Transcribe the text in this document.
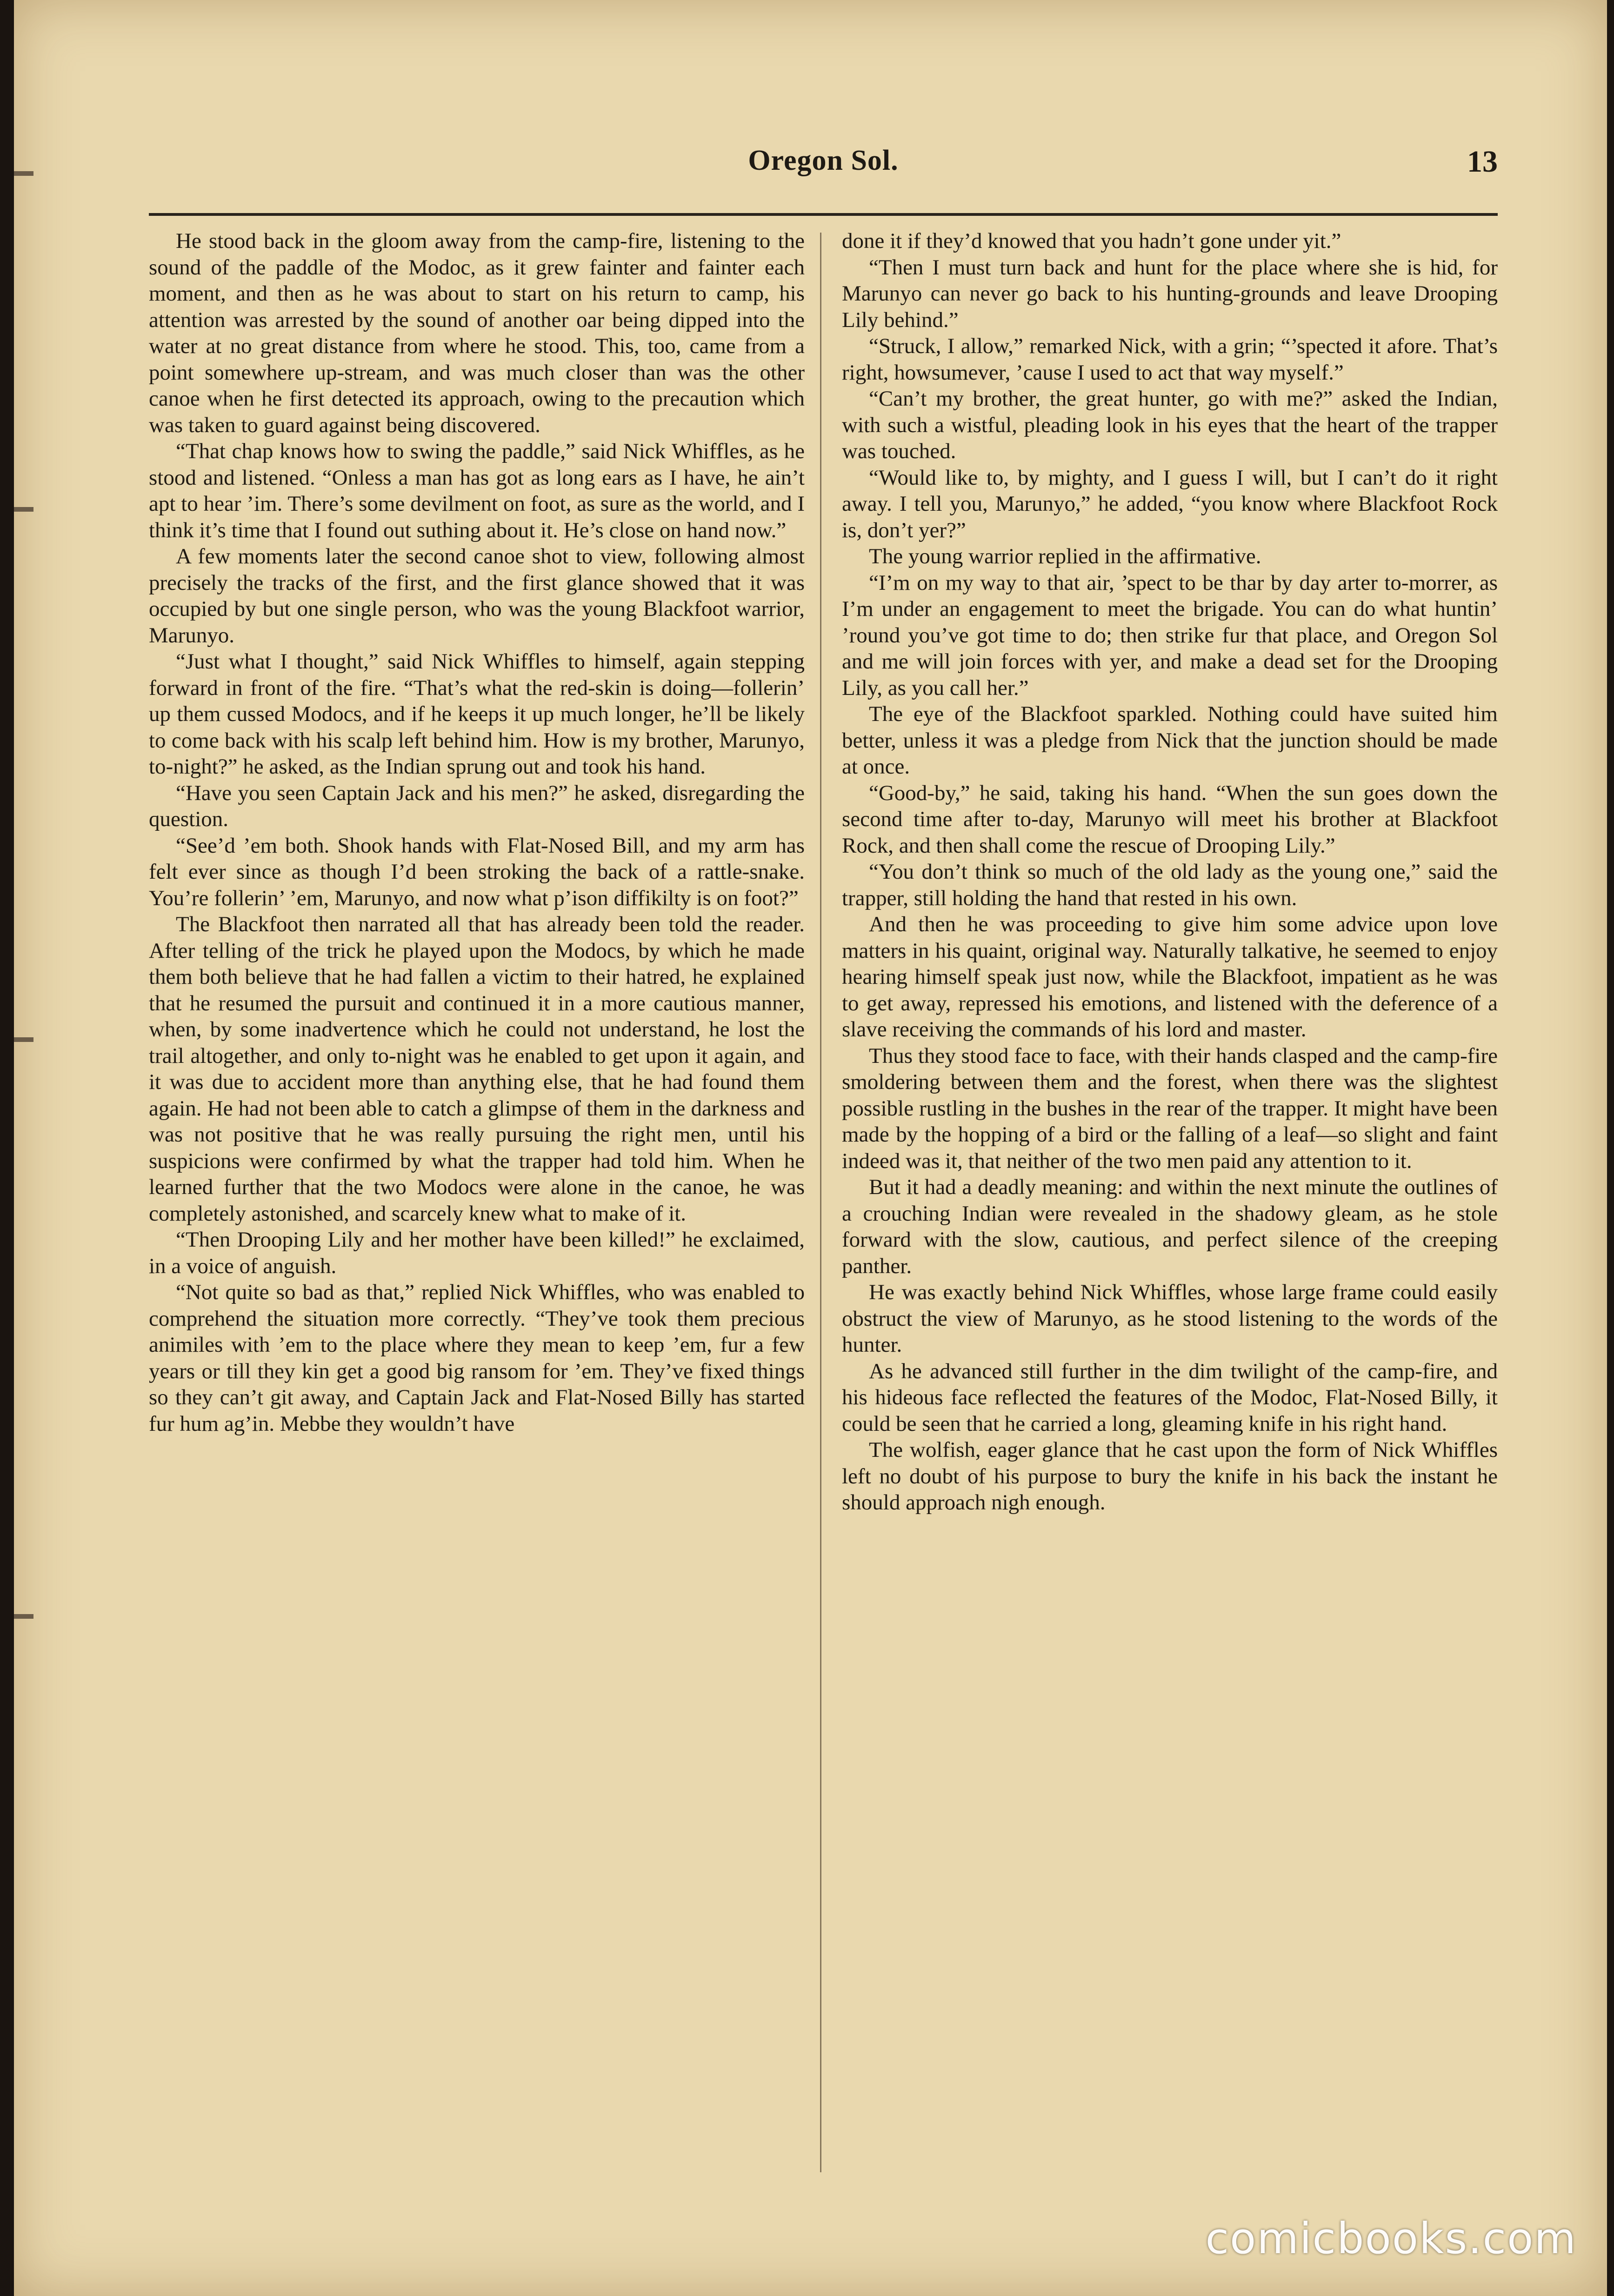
Oregon Sol.	13

He stood back in the gloom away from the camp-fire, listening to the sound of the paddle of the Modoc, as it grew fainter and fainter each moment, and then as he was about to start on his return to camp, his attention was arrested by the sound of another oar being dipped into the water at no great distance from where he stood. This, too, came from a point somewhere up-stream, and was much closer than was the other canoe when he first detected its approach, owing to the precaution which was taken to guard against being discovered.

“That chap knows how to swing the paddle,” said Nick Whiffles, as he stood and listened. “Onless a man has got as long ears as I have, he ain’t apt to hear ’im. There’s some devilment on foot, as sure as the world, and I think it’s time that I found out suthing about it. He’s close on hand now.”

A few moments later the second canoe shot to view, following almost precisely the tracks of the first, and the first glance showed that it was occupied by but one single person, who was the young Blackfoot warrior, Marunyo.

“Just what I thought,” said Nick Whiffles to himself, again stepping forward in front of the fire. “That’s what the red-skin is doing—follerin’ up them cussed Modocs, and if he keeps it up much longer, he’ll be likely to come back with his scalp left behind him. How is my brother, Marunyo, to-night?” he asked, as the Indian sprung out and took his hand.

“Have you seen Captain Jack and his men?” he asked, disregarding the question.

“See’d ’em both. Shook hands with Flat-Nosed Bill, and my arm has felt ever since as though I’d been stroking the back of a rattle-snake. You’re follerin’ ’em, Marunyo, and now what p’ison diffikilty is on foot?”

The Blackfoot then narrated all that has already been told the reader. After telling of the trick he played upon the Modocs, by which he made them both believe that he had fallen a victim to their hatred, he explained that he resumed the pursuit and continued it in a more cautious manner, when, by some inadvertence which he could not understand, he lost the trail altogether, and only to-night was he enabled to get upon it again, and it was due to accident more than anything else, that he had found them again. He had not been able to catch a glimpse of them in the darkness and was not positive that he was really pursuing the right men, until his suspicions were confirmed by what the trapper had told him. When he learned further that the two Modocs were alone in the canoe, he was completely astonished, and scarcely knew what to make of it.

“Then Drooping Lily and her mother have been killed!” he exclaimed, in a voice of anguish.

“Not quite so bad as that,” replied Nick Whiffles, who was enabled to comprehend the situation more correctly. “They’ve took them precious animiles with ’em to the place where they mean to keep ’em, fur a few years or till they kin get a good big ransom for ’em. They’ve fixed things so they can’t git away, and Captain Jack and Flat-Nosed Billy has started fur hum ag’in. Mebbe they wouldn’t have

done it if they’d knowed that you hadn’t gone under yit.”

“Then I must turn back and hunt for the place where she is hid, for Marunyo can never go back to his hunting-grounds and leave Drooping Lily behind.”

“Struck, I allow,” remarked Nick, with a grin; “’spected it afore. That’s right, howsumever, ’cause I used to act that way myself.”

“Can’t my brother, the great hunter, go with me?” asked the Indian, with such a wistful, pleading look in his eyes that the heart of the trapper was touched.

“Would like to, by mighty, and I guess I will, but I can’t do it right away. I tell you, Marunyo,” he added, “you know where Blackfoot Rock is, don’t yer?”

The young warrior replied in the affirmative.

“I’m on my way to that air, ’spect to be thar by day arter to-morrer, as I’m under an engagement to meet the brigade. You can do what huntin’ ’round you’ve got time to do; then strike fur that place, and Oregon Sol and me will join forces with yer, and make a dead set for the Drooping Lily, as you call her.”

The eye of the Blackfoot sparkled. Nothing could have suited him better, unless it was a pledge from Nick that the junction should be made at once.

“Good-by,” he said, taking his hand. “When the sun goes down the second time after to-day, Marunyo will meet his brother at Blackfoot Rock, and then shall come the rescue of Drooping Lily.”

“You don’t think so much of the old lady as the young one,” said the trapper, still holding the hand that rested in his own.

And then he was proceeding to give him some advice upon love matters in his quaint, original way. Naturally talkative, he seemed to enjoy hearing himself speak just now, while the Blackfoot, impatient as he was to get away, repressed his emotions, and listened with the deference of a slave receiving the commands of his lord and master.

Thus they stood face to face, with their hands clasped and the camp-fire smoldering between them and the forest, when there was the slightest possible rustling in the bushes in the rear of the trapper. It might have been made by the hopping of a bird or the falling of a leaf—so slight and faint indeed was it, that neither of the two men paid any attention to it.

But it had a deadly meaning: and within the next minute the outlines of a crouching Indian were revealed in the shadowy gleam, as he stole forward with the slow, cautious, and perfect silence of the creeping panther.

He was exactly behind Nick Whiffles, whose large frame could easily obstruct the view of Marunyo, as he stood listening to the words of the hunter.

As he advanced still further in the dim twilight of the camp-fire, and his hideous face reflected the features of the Modoc, Flat-Nosed Billy, it could be seen that he carried a long, gleaming knife in his right hand.

The wolfish, eager glance that he cast upon the form of Nick Whiffles left no doubt of his purpose to bury the knife in his back the instant he should approach nigh enough.

comicbooks.com
